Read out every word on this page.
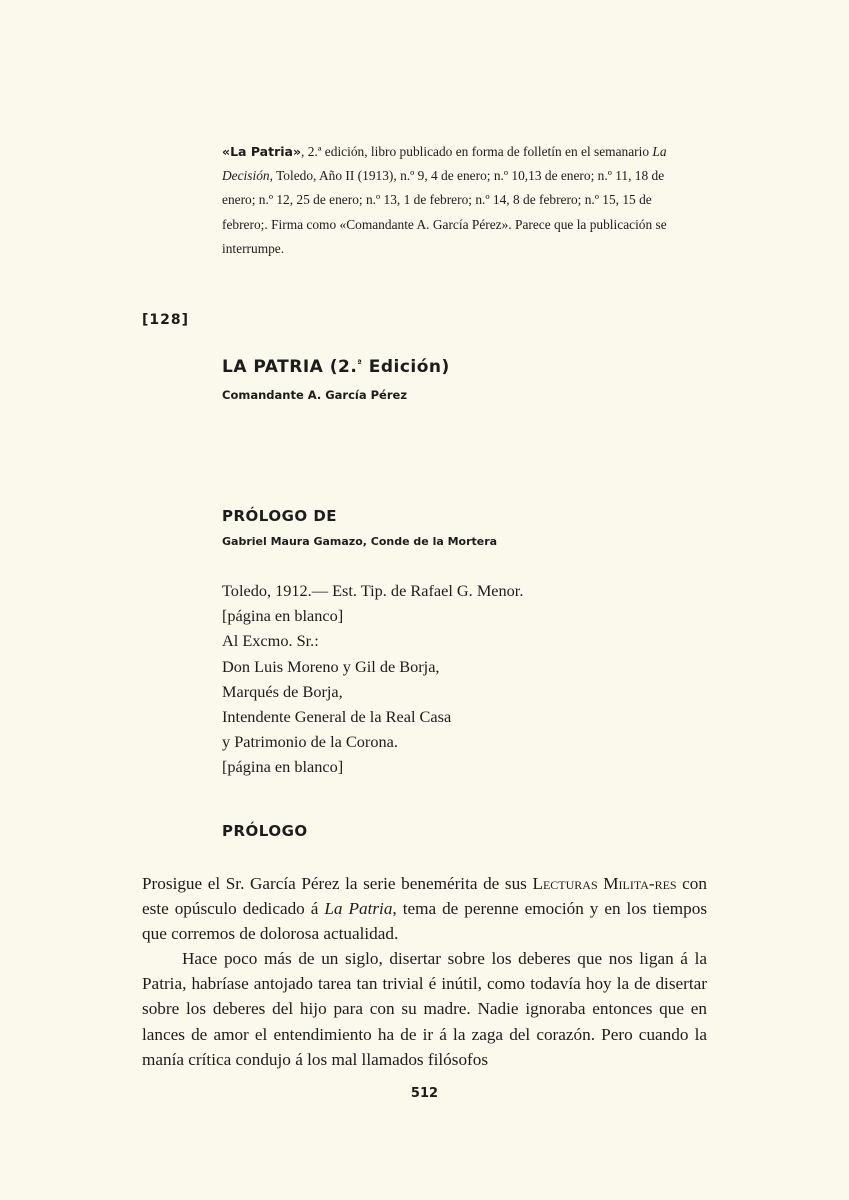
«La Patria», 2.ª edición, libro publicado en forma de folletín en el semanario La Decisión, Toledo, Año II (1913), n.º 9, 4 de enero; n.º 10,13 de enero; n.º 11, 18 de enero; n.º 12, 25 de enero; n.º 13, 1 de febrero; n.º 14, 8 de febrero; n.º 15, 15 de febrero;. Firma como «Comandante A. García Pérez». Parece que la publicación se interrumpe.
[128]
LA PATRIA (2.$^ª$ Edición)
Comandante A. García Pérez
PRÓLOGO DE
Gabriel Maura Gamazo, Conde de la Mortera
Toledo, 1912.— Est. Tip. de Rafael G. Menor.
[página en blanco]
Al Excmo. Sr.:
Don Luis Moreno y Gil de Borja,
Marqués de Borja,
Intendente General de la Real Casa
y Patrimonio de la Corona.
[página en blanco]
PRÓLOGO

Prosigue el Sr. García Pérez la serie benemérita de sus Lecturas Milita-res con este opúsculo dedicado á La Patria, tema de perenne emoción y en los tiempos que corremos de dolorosa actualidad.

Hace poco más de un siglo, disertar sobre los deberes que nos ligan á la Patria, habríase antojado tarea tan trivial é inútil, como todavía hoy la de disertar sobre los deberes del hijo para con su madre. Nadie ignoraba entonces que en lances de amor el entendimiento ha de ir á la zaga del corazón. Pero cuando la manía crítica condujo á los mal llamados filósofos

512
